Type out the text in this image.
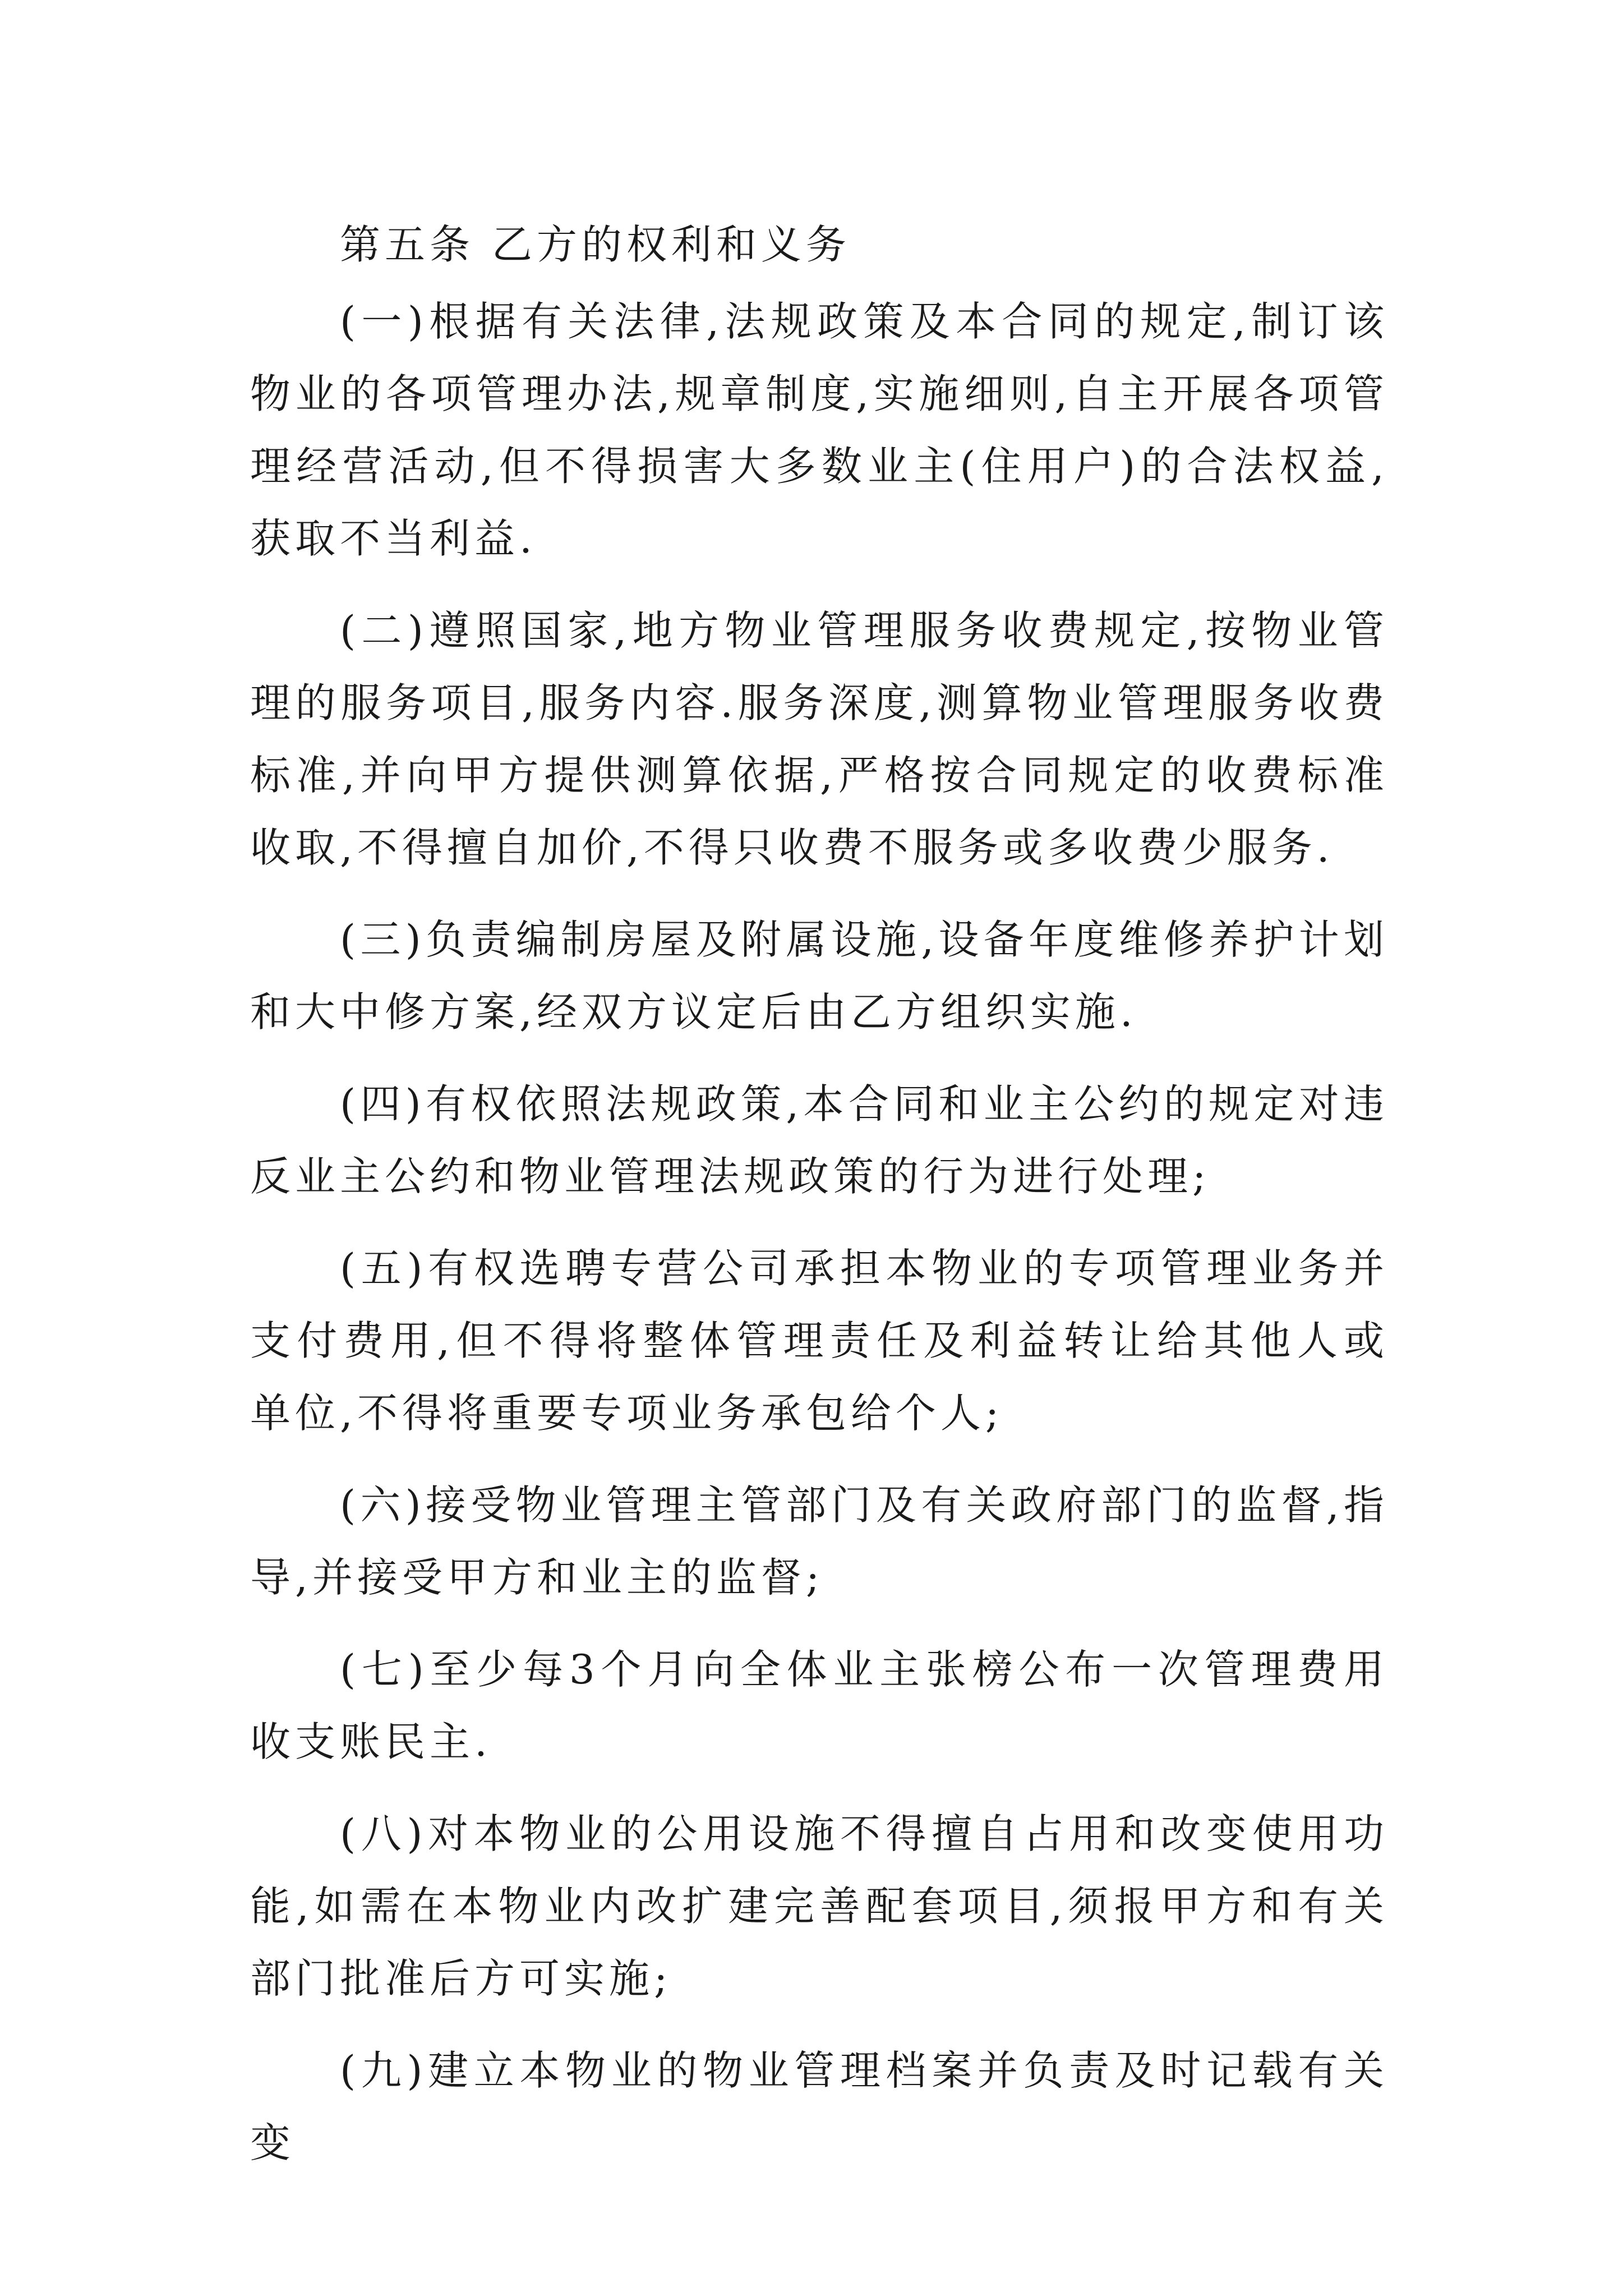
第五条 乙方的权利和义务

(一)根据有关法律,法规政策及本合同的规定,制订该物业的各项管理办法,规章制度,实施细则,自主开展各项管理经营活动,但不得损害大多数业主(住用户)的合法权益,获取不当利益.

(二)遵照国家,地方物业管理服务收费规定,按物业管理的服务项目,服务内容.服务深度,测算物业管理服务收费标准,并向甲方提供测算依据,严格按合同规定的收费标准收取,不得擅自加价,不得只收费不服务或多收费少服务.

(三)负责编制房屋及附属设施,设备年度维修养护计划和大中修方案,经双方议定后由乙方组织实施.

(四)有权依照法规政策,本合同和业主公约的规定对违反业主公约和物业管理法规政策的行为进行处理;

(五)有权选聘专营公司承担本物业的专项管理业务并支付费用,但不得将整体管理责任及利益转让给其他人或单位,不得将重要专项业务承包给个人;

(六)接受物业管理主管部门及有关政府部门的监督,指导,并接受甲方和业主的监督;

(七)至少每3个月向全体业主张榜公布一次管理费用收支账民主.

(八)对本物业的公用设施不得擅自占用和改变使用功能,如需在本物业内改扩建完善配套项目,须报甲方和有关部门批准后方可实施;

(九)建立本物业的物业管理档案并负责及时记载有关变
